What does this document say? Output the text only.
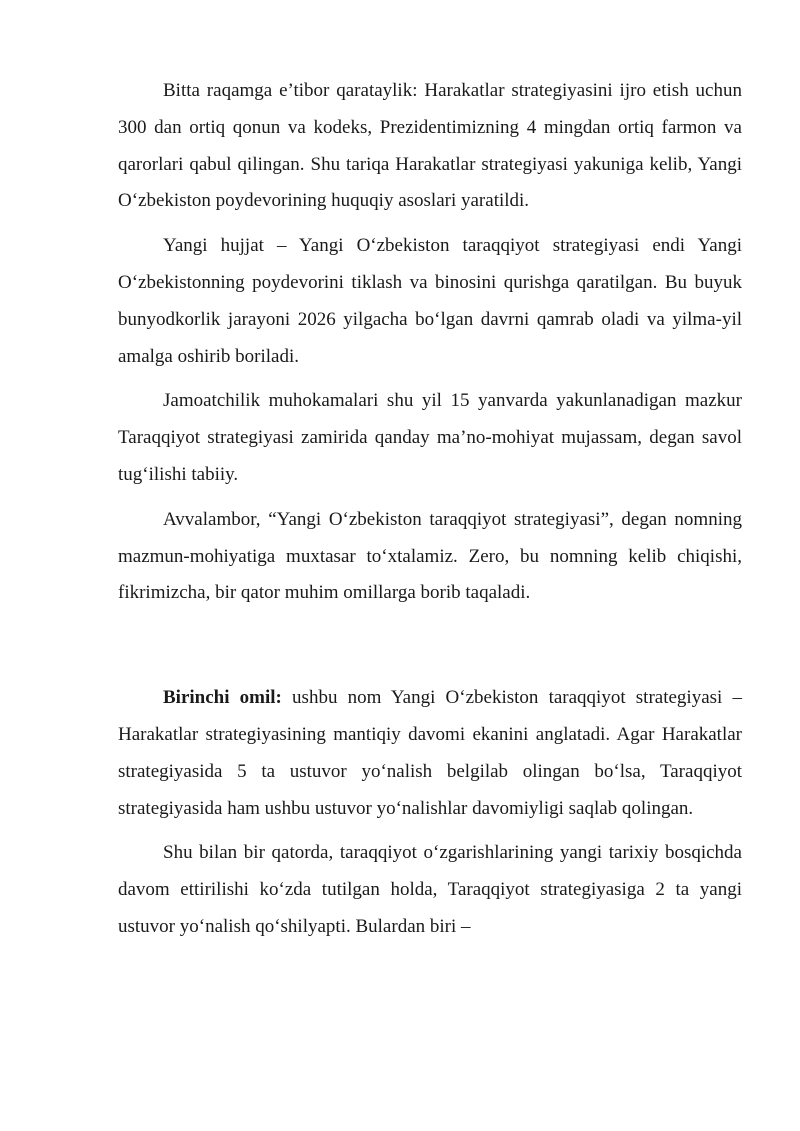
Bitta raqamga e’tibor qarataylik: Harakatlar strategiyasini ijro etish uchun 300 dan ortiq qonun va kodeks, Prezidentimizning 4 mingdan ortiq farmon va qarorlari qabul qilingan. Shu tariqa Harakatlar strategiyasi yakuniga kelib, Yangi O‘zbekiston poydevorining huquqiy asoslari yaratildi.

Yangi hujjat – Yangi O‘zbekiston taraqqiyot strategiyasi endi Yangi O‘zbekistonning poydevorini tiklash va binosini qurishga qaratilgan. Bu buyuk bunyodkorlik jarayoni 2026 yilgacha bo‘lgan davrni qamrab oladi va yilma-yil amalga oshirib boriladi.

Jamoatchilik muhokamalari shu yil 15 yanvarda yakunlanadigan mazkur Taraqqiyot strategiyasi zamirida qanday ma’no-mohiyat mujassam, degan savol tug‘ilishi tabiiy.

Avvalambor, “Yangi O‘zbekiston taraqqiyot strategiyasi”, degan nomning mazmun-mohiyatiga muxtasar to‘xtalamiz. Zero, bu nomning kelib chiqishi, fikrimizcha, bir qator muhim omillarga borib taqaladi.

Birinchi omil: ushbu nom Yangi O‘zbekiston taraqqiyot strategiyasi – Harakatlar strategiyasining mantiqiy davomi ekanini anglatadi. Agar Harakatlar strategiyasida 5 ta ustuvor yo‘nalish belgilab olingan bo‘lsa, Taraqqiyot strategiyasida ham ushbu ustuvor yo‘nalishlar davomiyligi saqlab qolingan.

Shu bilan bir qatorda, taraqqiyot o‘zgarishlarining yangi tarixiy bosqichda davom ettirilishi ko‘zda tutilgan holda, Taraqqiyot strategiyasiga 2 ta yangi ustuvor yo‘nalish qo‘shilyapti. Bulardan biri –
